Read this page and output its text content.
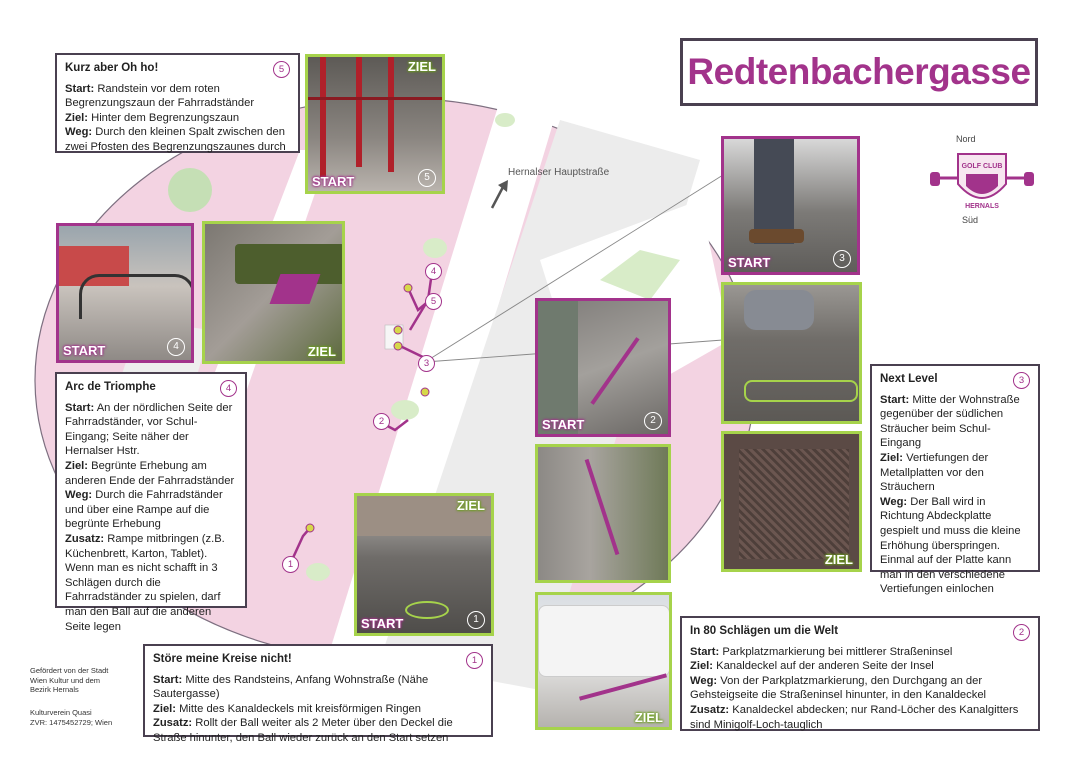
4
5
3
2
1
Hernalser Hauptstraße
Redtenbachergasse
Nord
Süd
GOLF CLUB
HERNALS
ZIEL
START	5
START	4	ZIEL
START	3
ZIEL
START	2
ZIEL
ZIEL
START	1
Kurz aber Oh ho!	5

Start: Randstein vor dem roten Begrenzungszaun der Fahrradständer

Ziel: Hinter dem Begrenzungszaun

Weg: Durch den kleinen Spalt zwischen den zwei Pfosten des Begrenzungszaunes durch

Arc de Triomphe	4

Start: An der nördlichen Seite der Fahrradständer, vor Schul-Eingang; Seite näher der Hernalser Hstr.

Ziel: Begrünte Erhebung am anderen Ende der Fahrradständer

Weg: Durch die Fahrradständer und über eine Rampe auf die begrünte Erhebung

Zusatz: Rampe mitbringen (z.B. Küchenbrett, Karton, Tablet). Wenn man es nicht schafft in 3 Schlägen durch die Fahrradständer zu spielen, darf man den Ball auf die anderen Seite legen

Next Level	3

Start: Mitte der Wohnstraße gegenüber der südlichen Sträucher beim Schul-Eingang

Ziel: Vertiefungen der Metallplatten vor den Sträuchern

Weg: Der Ball wird in Richtung Abdeckplatte gespielt und muss die kleine Erhöhung überspringen. Einmal auf der Platte kann man in den verschiedene Vertiefungen einlochen

In 80 Schlägen um die Welt	2

Start: Parkplatzmarkierung bei mittlerer Straßeninsel

Ziel: Kanaldeckel auf der anderen Seite der Insel

Weg: Von der Parkplatzmarkierung, den Durchgang an der Gehsteigseite die Straßeninsel hinunter, in den Kanaldeckel

Zusatz: Kanaldeckel abdecken; nur Rand-Löcher des Kanalgitters sind Minigolf-Loch-tauglich

Störe meine Kreise nicht!	1

Start: Mitte des Randsteins, Anfang Wohnstraße (Nähe Sautergasse)

Ziel: Mitte des Kanaldeckels mit kreisförmigen Ringen

Zusatz: Rollt der Ball weiter als 2 Meter über den Deckel die Straße hinunter, den Ball wieder zurück an den Start setzen

Gefördert von der Stadt
Wien Kultur und dem
Bezirk Hernals
Kulturverein Quasi
ZVR: 1475452729; Wien
